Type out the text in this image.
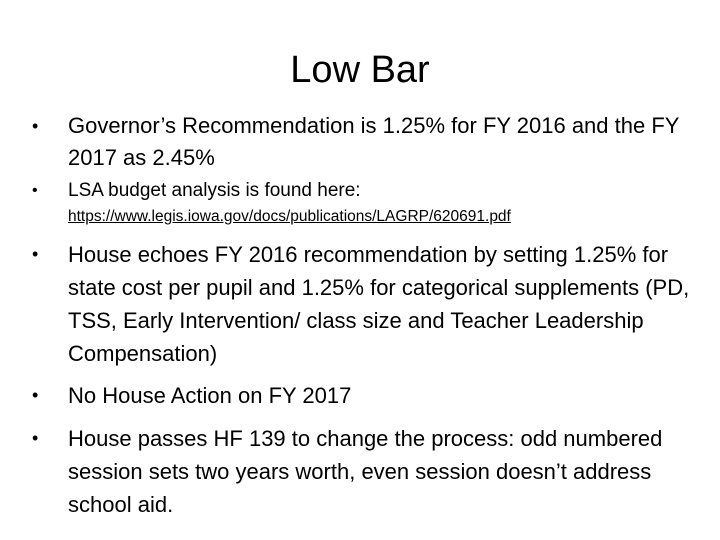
Low Bar
•	Governor’s Recommendation is 1.25% for FY 2016 and the FY 2017 as 2.45%
•	LSA budget analysis is found here:
https://www.legis.iowa.gov/docs/publications/LAGRP/620691.pdf
•	House echoes FY 2016 recommendation by setting 1.25% for state cost per pupil and 1.25% for categorical supplements (PD, TSS, Early Intervention/ class size and Teacher Leadership Compensation)
•	No House Action on FY 2017
•	House passes HF 139 to change the process: odd numbered session sets two years worth, even session doesn’t address school aid.
